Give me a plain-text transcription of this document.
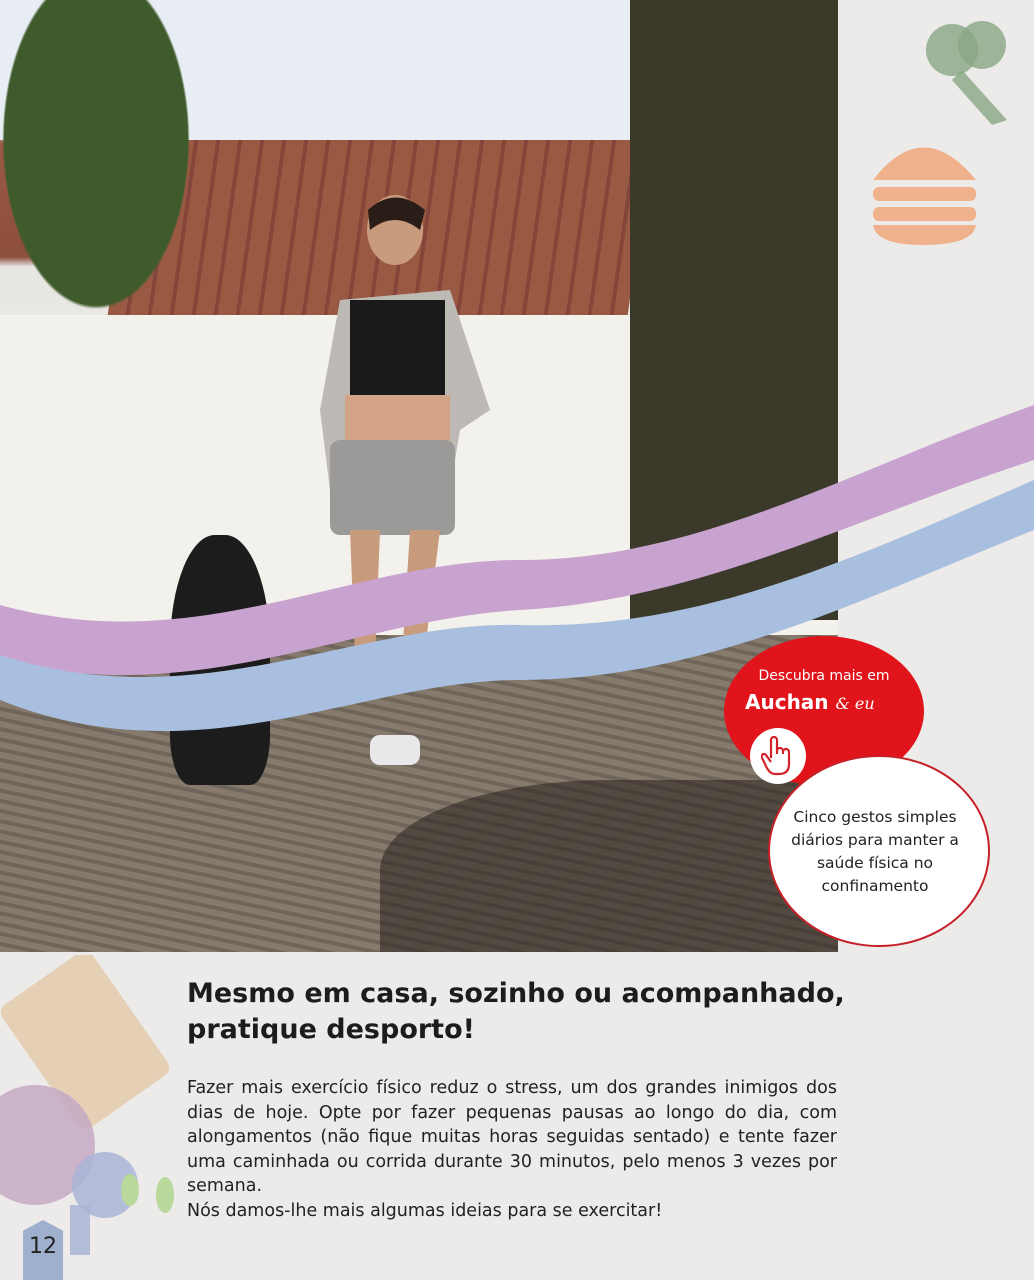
Descubra mais em
Auchan & eu
Cinco gestos simples diários para manter a saúde física no confinamento
Mesmo em casa, sozinho ou acompanhado, pratique desporto!
Fazer mais exercício físico reduz o stress, um dos grandes inimigos dos dias de hoje. Opte por fazer pequenas pausas ao longo do dia, com alongamentos (não fique muitas horas seguidas sentado) e tente fazer uma caminhada ou corrida durante 30 minutos, pelo menos 3 vezes por semana.
Nós damos-lhe mais algumas ideias para se exercitar!
12
